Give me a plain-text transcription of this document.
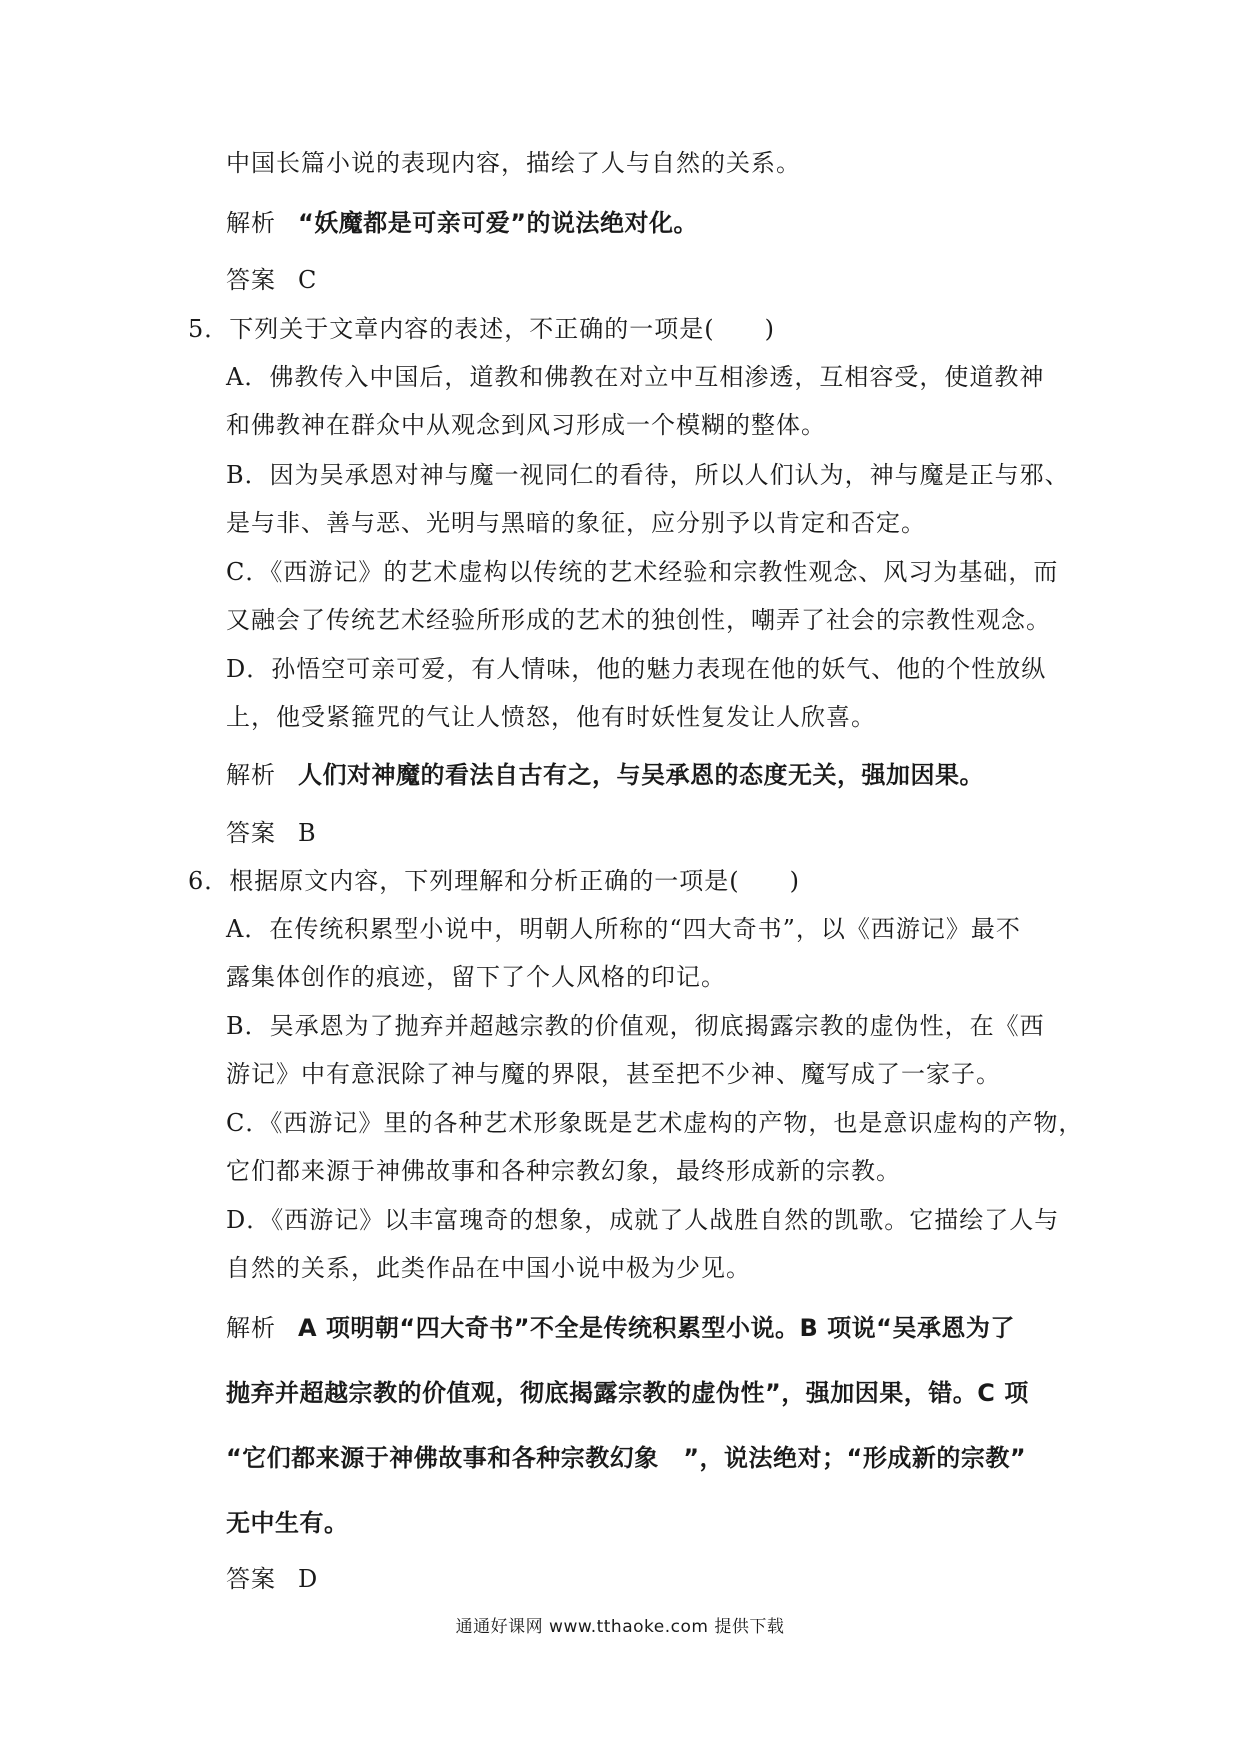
中国长篇小说的表现内容，描绘了人与自然的关系。
解析 “妖魔都是可亲可爱”的说法绝对化。
答案 C
5．下列关于文章内容的表述，不正确的一项是(　　)
A．佛教传入中国后，道教和佛教在对立中互相渗透，互相容受，使道教神
和佛教神在群众中从观念到风习形成一个模糊的整体。
B．因为吴承恩对神与魔一视同仁的看待，所以人们认为，神与魔是正与邪、
是与非、善与恶、光明与黑暗的象征，应分别予以肯定和否定。
C．《西游记》的艺术虚构以传统的艺术经验和宗教性观念、风习为基础，而
又融会了传统艺术经验所形成的艺术的独创性，嘲弄了社会的宗教性观念。
D．孙悟空可亲可爱，有人情味，他的魅力表现在他的妖气、他的个性放纵
上，他受紧箍咒的气让人愤怒，他有时妖性复发让人欣喜。
解析 人们对神魔的看法自古有之，与吴承恩的态度无关，强加因果。
答案 B
6．根据原文内容，下列理解和分析正确的一项是(　　)
A．在传统积累型小说中，明朝人所称的“四大奇书”，以《西游记》最不
露集体创作的痕迹，留下了个人风格的印记。
B．吴承恩为了抛弃并超越宗教的价值观，彻底揭露宗教的虚伪性，在《西
游记》中有意泯除了神与魔的界限，甚至把不少神、魔写成了一家子。
C．《西游记》里的各种艺术形象既是艺术虚构的产物，也是意识虚构的产物，
它们都来源于神佛故事和各种宗教幻象，最终形成新的宗教。
D．《西游记》以丰富瑰奇的想象，成就了人战胜自然的凯歌。它描绘了人与
自然的关系，此类作品在中国小说中极为少见。
解析 A 项明朝“四大奇书”不全是传统积累型小说。B 项说“吴承恩为了
抛弃并超越宗教的价值观，彻底揭露宗教的虚伪性”，强加因果，错。C 项
“它们都来源于神佛故事和各种宗教幻象　”，说法绝对；“形成新的宗教”
无中生有。
答案 D
通通好课网 www.tthaoke.com 提供下载
